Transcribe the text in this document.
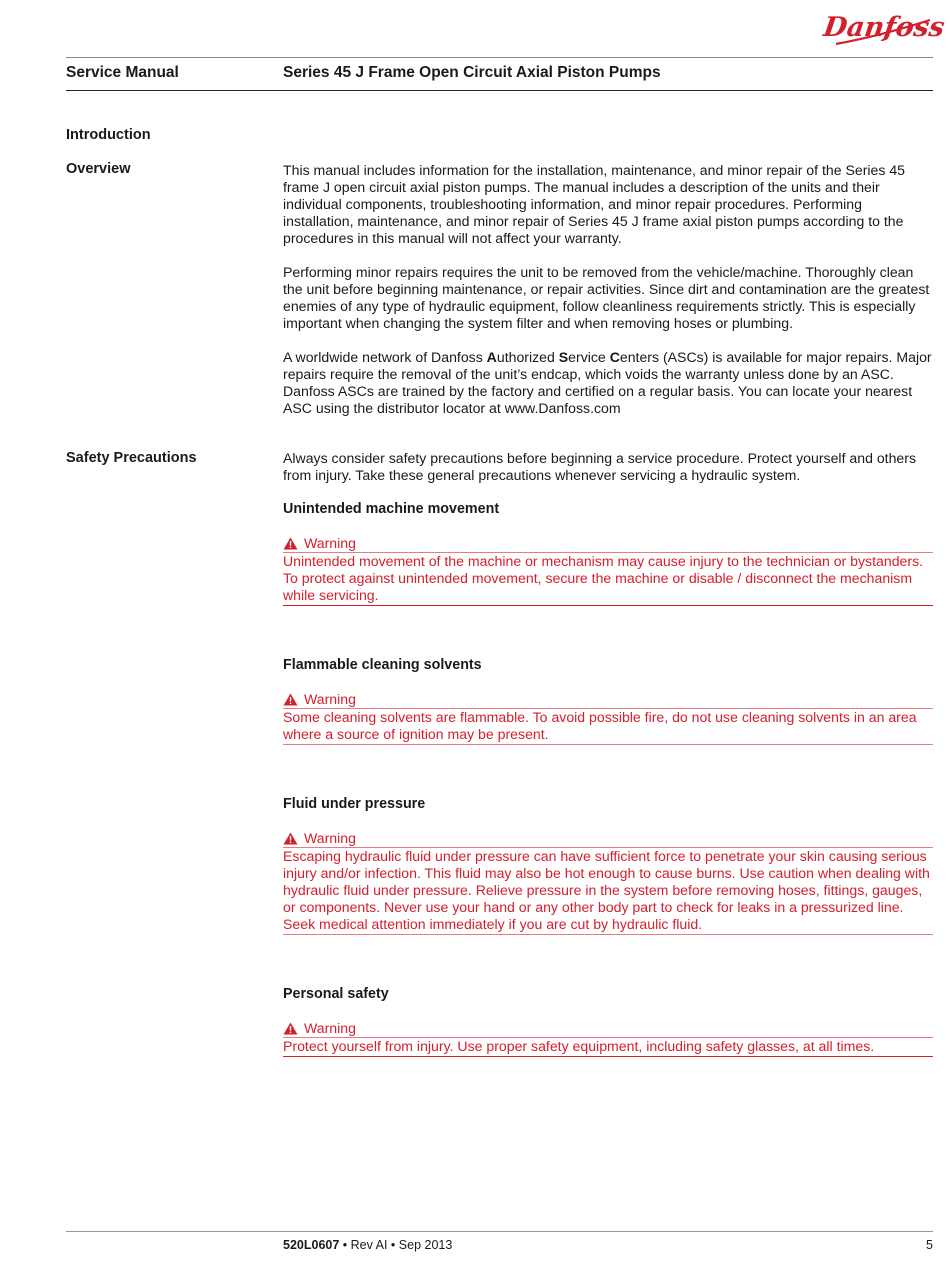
Danfoss
Service Manual	Series 45 J Frame Open Circuit Axial Piston Pumps
Introduction
Overview
Safety Precautions

This manual includes information for the installation, maintenance, and minor repair of the Series 45 frame J open circuit axial piston pumps. The manual includes a description of the units and their individual components, troubleshooting information, and minor repair procedures. Performing installation, maintenance, and minor repair of Series 45 J frame axial piston pumps according to the procedures in this manual will not affect your warranty.

Performing minor repairs requires the unit to be removed from the vehicle/machine. Thoroughly clean the unit before beginning maintenance, or repair activities. Since dirt and contamination are the greatest enemies of any type of hydraulic equipment, follow cleanliness requirements strictly. This is especially important when changing the system filter and when removing hoses or plumbing.

A worldwide network of Danfoss Authorized Service Centers (ASCs) is available for major repairs. Major repairs require the removal of the unit’s endcap, which voids the warranty unless done by an ASC. Danfoss ASCs are trained by the factory and certified on a regular basis. You can locate your nearest ASC using the distributor locator at www.Danfoss.com

Always consider safety precautions before beginning a service procedure. Protect yourself and others from injury. Take these general precautions whenever servicing a hydraulic system.

Unintended machine movement

Warning

Unintended movement of the machine or mechanism may cause injury to the technician or bystanders. To protect against unintended movement, secure the machine or disable / disconnect the mechanism while servicing.

Flammable cleaning solvents

Warning

Some cleaning solvents are flammable. To avoid possible fire, do not use cleaning solvents in an area where a source of ignition may be present.

Fluid under pressure

Warning

Escaping hydraulic fluid under pressure can have sufficient force to penetrate your skin causing serious injury and/or infection. This fluid may also be hot enough to cause burns. Use caution when dealing with hydraulic fluid under pressure. Relieve pressure in the system before removing hoses, fittings, gauges, or components. Never use your hand or any other body part to check for leaks in a pressurized line. Seek medical attention immediately if you are cut by hydraulic fluid.

Personal safety

Warning

Protect yourself from injury. Use proper safety equipment, including safety glasses, at all times.

520L0607 • Rev AI • Sep 2013	5
